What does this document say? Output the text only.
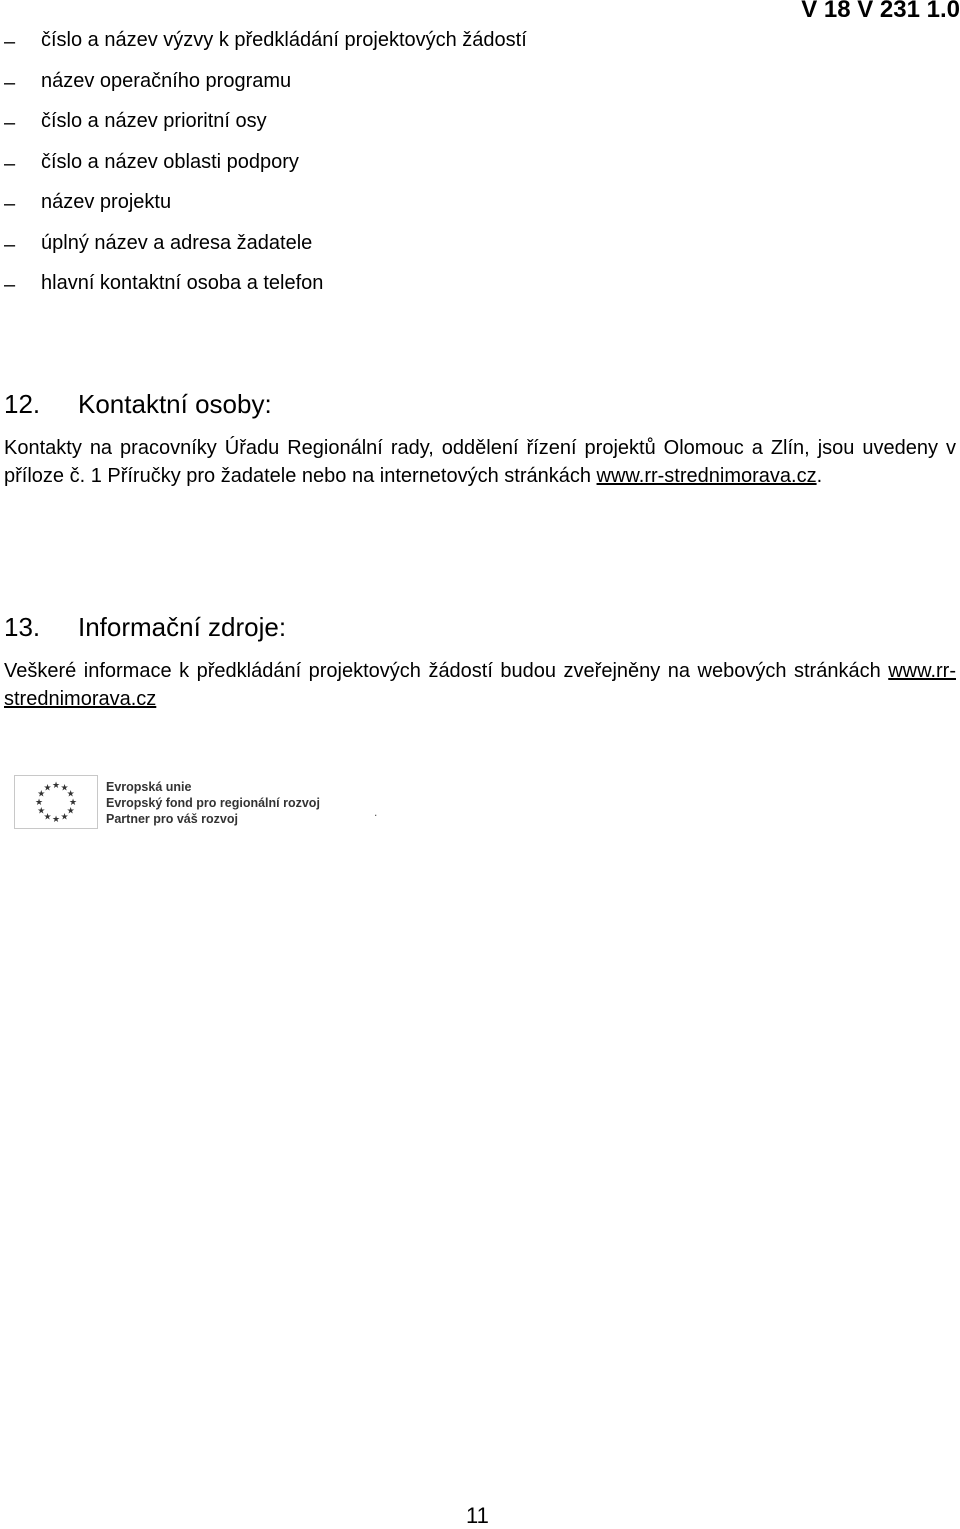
V 18 V 231 1.0
– číslo a název výzvy k předkládání projektových žádostí
– název operačního programu
– číslo a název prioritní osy
– číslo a název oblasti podpory
– název projektu
– úplný název a adresa žadatele
– hlavní kontaktní osoba a telefon
12. Kontaktní osoby:

Kontakty na pracovníky Úřadu Regionální rady, oddělení řízení projektů Olomouc a Zlín, jsou uvedeny v příloze č. 1 Příručky pro žadatele nebo na internetových stránkách www.rr-strednimorava.cz.

13. Informační zdroje:

Veškeré informace k předkládání projektových žádostí budou zveřejněny na webových stránkách www.rr-strednimorava.cz

★ ★
★
★
★
★
★
★
★
★
★
★	Evropská unie
Evropský fond pro regionální rozvoj
Partner pro váš rozvoj	.
11
